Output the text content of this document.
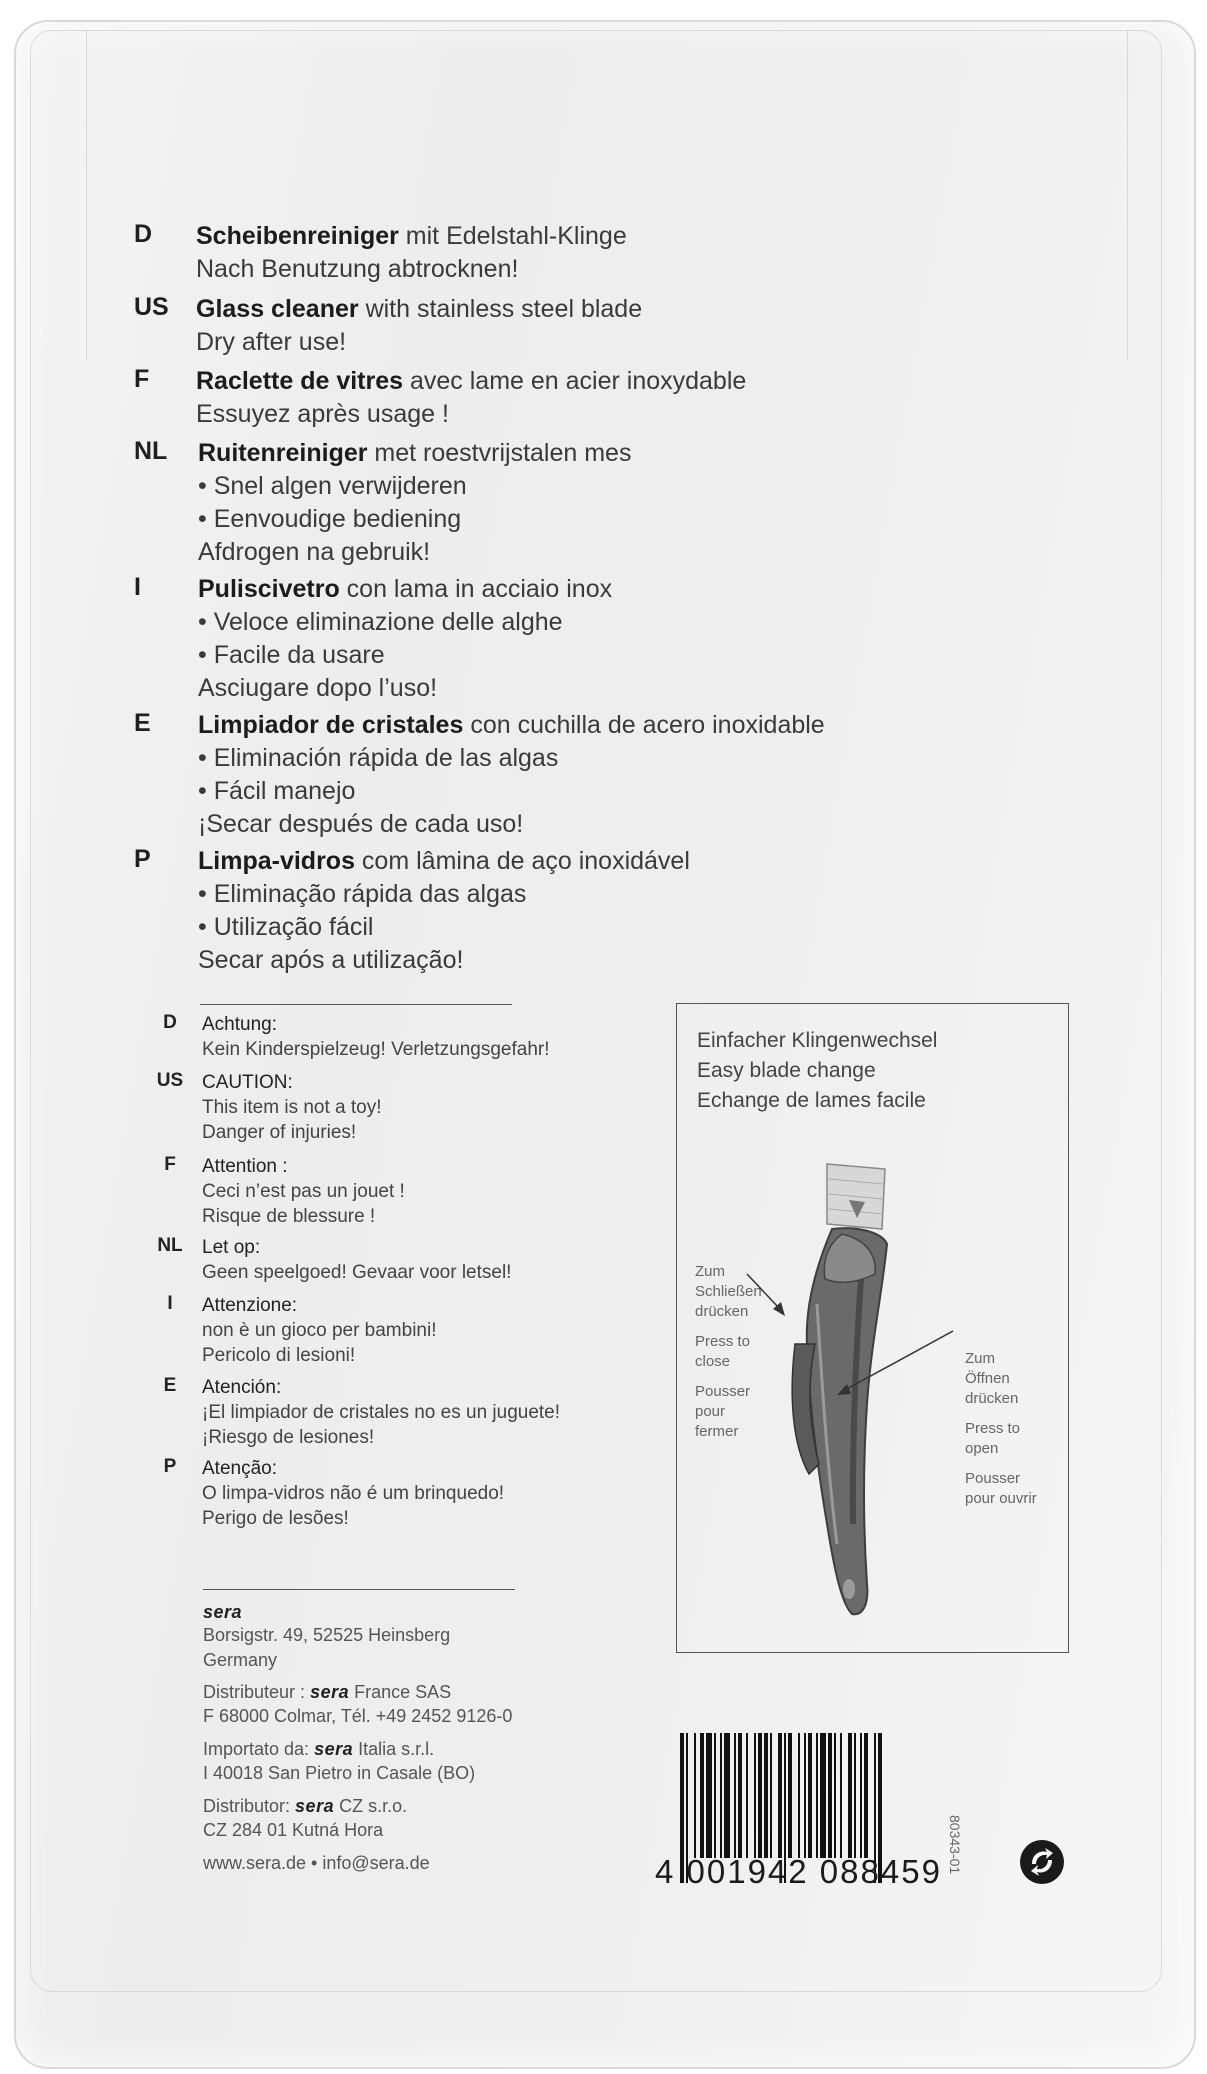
D	Scheibenreiniger mit Edelstahl-Klinge
Nach Benutzung abtrocknen!
US	Glass cleaner with stainless steel blade
Dry after use!
F	Raclette de vitres avec lame en acier inoxydable
Essuyez après usage !
NL	Ruitenreiniger met roestvrijstalen mes
• Snel algen verwijderen
• Eenvoudige bediening
Afdrogen na gebruik!
I	Puliscivetro con lama in acciaio inox
• Veloce eliminazione delle alghe
• Facile da usare
Asciugare dopo l’uso!
E	Limpiador de cristales con cuchilla de acero inoxidable
• Eliminación rápida de las algas
• Fácil manejo
¡Secar después de cada uso!
P	Limpa-vidros com lâmina de aço inoxidável
• Eliminação rápida das algas
• Utilização fácil
Secar após a utilização!
D	Achtung:
Kein Kinderspielzeug! Verletzungsgefahr!
US CAUTION:
This item is not a toy!
Danger of injuries!
F	Attention :
Ceci n’est pas un jouet !
Risque de blessure !
NL	Let op:
Geen speelgoed! Gevaar voor letsel!
I	Attenzione:
non è un gioco per bambini!
Pericolo di lesioni!
E	Atención:
¡El limpiador de cristales no es un juguete!
¡Riesgo de lesiones!
P	Atenção:
O limpa-vidros não é um brinquedo!
Perigo de lesões!
sera
Borsigstr. 49, 52525 Heinsberg
Germany
Distributeur : sera France SAS
F 68000 Colmar, Tél. +49 2452 9126-0
Importato da: sera Italia s.r.l.
I 40018 San Pietro in Casale (BO)
Distributor: sera CZ s.r.o.
CZ 284 01 Kutná Hora
www.sera.de • info@sera.de
Einfacher Klingenwechsel
Easy blade change
Echange de lames facile
Zum
Schließen
drücken
Press to
close
Pousser
pour
fermer
Zum
Öffnen
drücken
Press to
open
Pousser
pour ouvrir
4 001942 088459 80343-01
